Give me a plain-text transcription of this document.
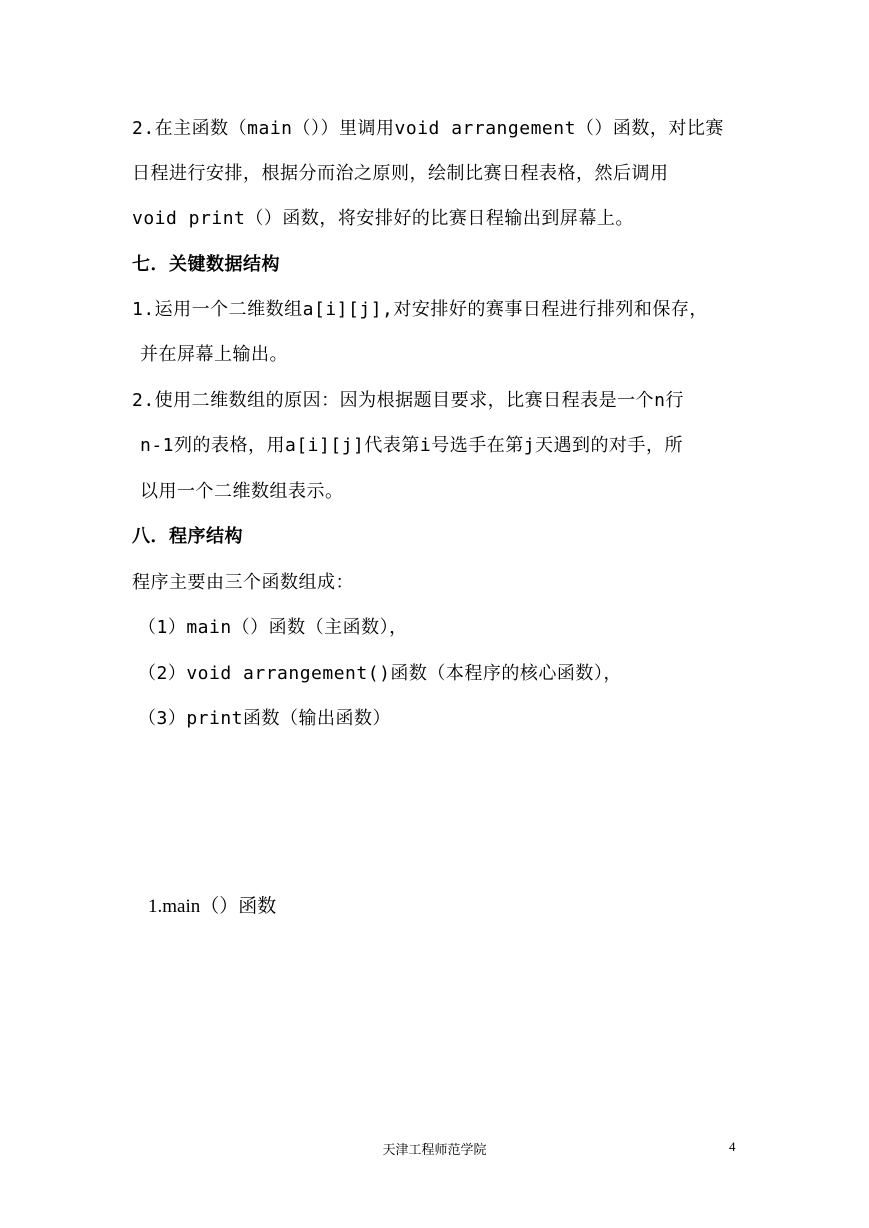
2.在主函数（main（））里调用void arrangement（）函数，对比赛
日程进行安排，根据分而治之原则，绘制比赛日程表格，然后调用
void print（）函数，将安排好的比赛日程输出到屏幕上。
七．关键数据结构
1.运用一个二维数组a[i][j],对安排好的赛事日程进行排列和保存，
并在屏幕上输出。
2.使用二维数组的原因：因为根据题目要求，比赛日程表是一个n行
n-1列的表格，用a[i][j]代表第i号选手在第j天遇到的对手，所
以用一个二维数组表示。
八．程序结构
程序主要由三个函数组成：
（1）main（）函数（主函数），
（2）void arrangement()函数（本程序的核心函数），
（3）print函数（输出函数）
1.main（）函数
天津工程师范学院	4
